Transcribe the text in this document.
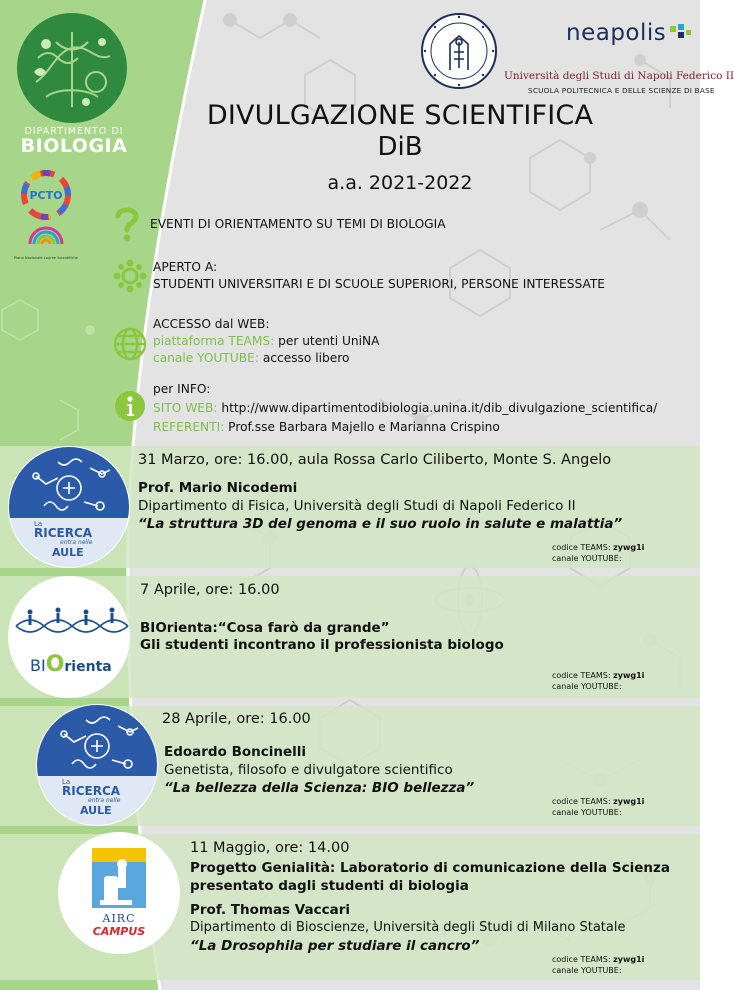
DIPARTIMENTO DI
BIOLOGIA
PCTO
Piano Nazionale Lauree Scientifiche
neapolis
Università degli Studi di Napoli Federico II
SCUOLA POLITECNICA E DELLE SCIENZE DI BASE
DIVULGAZIONE SCIENTIFICA
DiB
a.a. 2021-2022
EVENTI DI ORIENTAMENTO SU TEMI DI BIOLOGIA
APERTO A:
STUDENTI UNIVERSITARI E DI SCUOLE SUPERIORI, PERSONE INTERESSATE
ACCESSO dal WEB:
piattaforma TEAMS: per utenti UniNA
canale YOUTUBE: accesso libero
per INFO:
SITO WEB: http://www.dipartimentodibiologia.unina.it/dib_divulgazione_scientifica/
REFERENTI: Prof.sse Barbara Majello e Marianna Crispino
La
RICERCA
entra nelle
AULE
31 Marzo, ore: 16.00, aula Rossa Carlo Ciliberto, Monte S. Angelo
Prof. Mario Nicodemi
Dipartimento di Fisica, Università degli Studi di Napoli Federico II
“La struttura 3D del genoma e il suo ruolo in salute e malattia”
codice TEAMS: zywg1i
canale YOUTUBE:
BIOrienta
7 Aprile, ore: 16.00
BIOrienta:“Cosa farò da grande”
Gli studenti incontrano il professionista biologo
codice TEAMS: zywg1i
canale YOUTUBE:
La
RICERCA
entra nelle
AULE
28 Aprile, ore: 16.00
Edoardo Boncinelli
Genetista, filosofo e divulgatore scientifico
“La bellezza della Scienza: BIO bellezza”
codice TEAMS: zywg1i
canale YOUTUBE:
AIRC
CAMPUS
11 Maggio, ore: 14.00
Progetto Genialità: Laboratorio di comunicazione della Scienza
presentato dagli studenti di biologia
Prof. Thomas Vaccari
Dipartimento di Bioscienze, Università degli Studi di Milano Statale
“La Drosophila per studiare il cancro”
codice TEAMS: zywg1i
canale YOUTUBE:
